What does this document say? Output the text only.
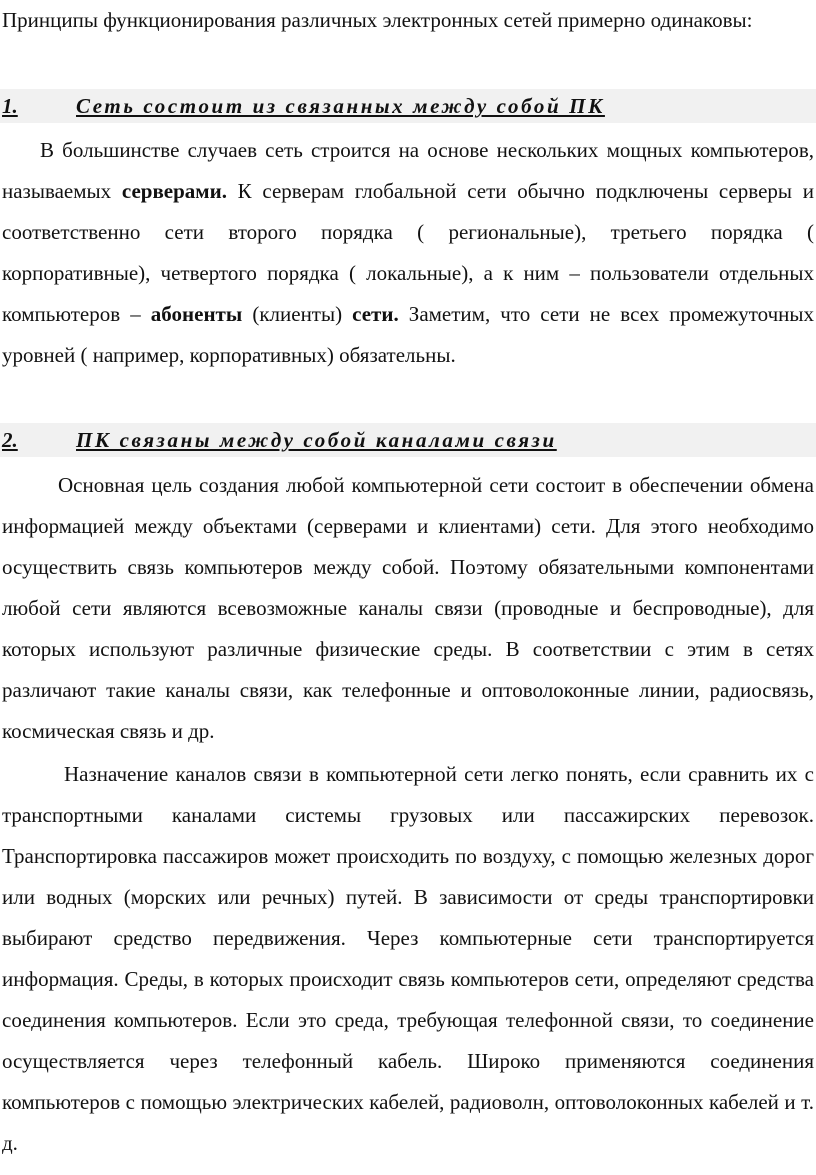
Принципы функционирования различных электронных сетей примерно одинаковы:

1.	Сеть состоит из связанных между собой ПК

В большинстве случаев сеть строится на основе нескольких мощных компьютеров, называемых серверами. К серверам глобальной сети обычно подключены серверы и соответственно сети второго порядка ( региональные), третьего порядка ( корпоративные), четвертого порядка ( локальные), а к ним – пользователи отдельных компьютеров – абоненты (клиенты) сети. Заметим, что сети не всех промежуточных уровней ( например, корпоративных) обязательны.

2.	ПК связаны между собой каналами связи

Основная цель создания любой компьютерной сети состоит в обеспечении обмена информацией между объектами (серверами и клиентами) сети. Для этого необходимо осуществить связь компьютеров между собой. Поэтому обязательными компонентами любой сети являются всевозможные каналы связи (проводные и беспроводные), для которых используют различные физические среды. В соответствии с этим в сетях различают такие каналы связи, как телефонные и оптоволоконные линии, радиосвязь, космическая связь и др.

Назначение каналов связи в компьютерной сети легко понять, если сравнить их с транспортными каналами системы грузовых или пассажирских перевозок. Транспортировка пассажиров может происходить по воздуху, с помощью железных дорог или водных (морских или речных) путей. В зависимости от среды транспортировки выбирают средство передвижения. Через компьютерные сети транспортируется информация. Среды, в которых происходит связь компьютеров сети, определяют средства соединения компьютеров. Если это среда, требующая телефонной связи, то соединение осуществляется через телефонный кабель. Широко применяются соединения компьютеров с помощью электрических кабелей, радиоволн, оптоволоконных кабелей и т. д.
